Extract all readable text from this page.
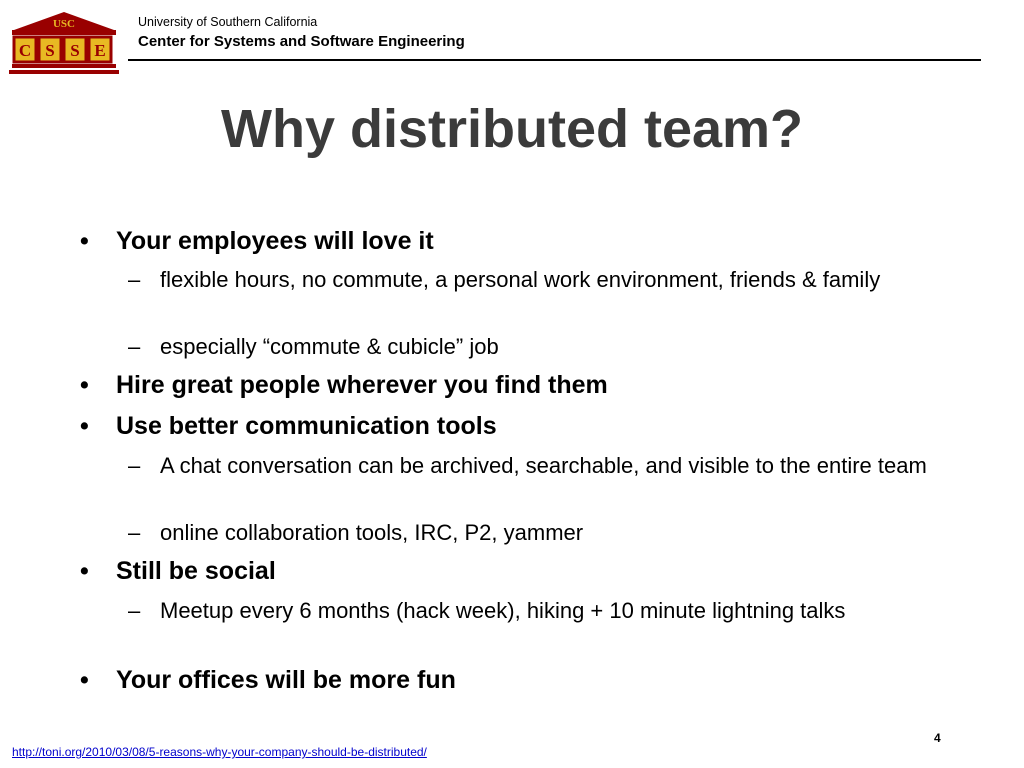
USC
C S S E
University of Southern California
Center for Systems and Software Engineering
Why distributed team?
• Your employees will love it
– flexible hours, no commute, a personal work environment, friends & family
– especially “commute & cubicle” job
• Hire great people wherever you find them
• Use better communication tools
– A chat conversation can be archived, searchable, and visible to the entire team
– online collaboration tools, IRC, P2, yammer
• Still be social
– Meetup every 6 months (hack week), hiking + 10 minute lightning talks
• Your offices will be more fun
4
http://toni.org/2010/03/08/5-reasons-why-your-company-should-be-distributed/
